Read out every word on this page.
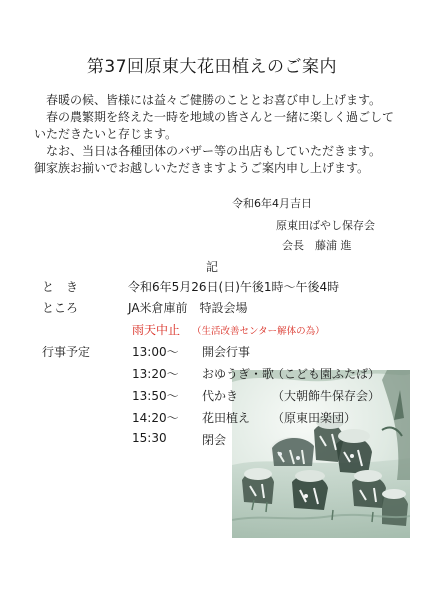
第37回原東大花田植えのご案内
春暖の候、皆様には益々ご健勝のこととお喜び申し上げます。
春の農繁期を終えた一時を地域の皆さんと一緒に楽しく過ごして
いただきたいと存じます。
なお、当日は各種団体のバザー等の出店もしていただきます。
御家族お揃いでお越しいただきますようご案内申し上げます。
令和6年4月吉日
原東田ばやし保存会
会長　藤浦 進
記
と　き	令和6年5月26日(日)午後1時～午後4時
ところ	JA米倉庫前　特設会場
雨天中止 （生活改善センター解体の為）
行事予定	13:00～ 開会行事
13:20～ おゆうぎ・歌
（こども園ふたば）
13:50～ 代かき	（大朝飾牛保存会）
14:20～ 花田植え （原東田楽団）
15:30	閉会
